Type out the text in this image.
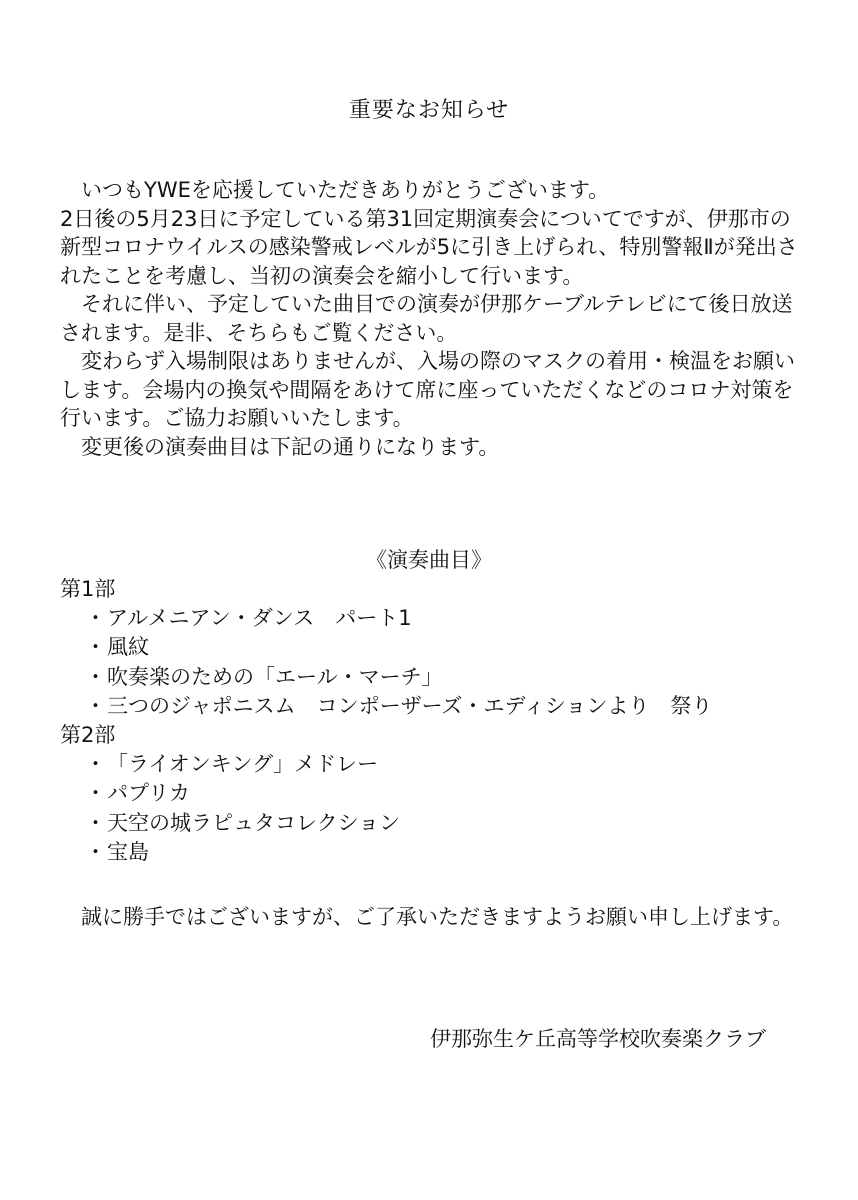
重要なお知らせ

いつもYWEを応援していただきありがとうございます。

2日後の5月23日に予定している第31回定期演奏会についてですが、伊那市の新型コロナウイルスの感染警戒レベルが5に引き上げられ、特別警報Ⅱが発出されたことを考慮し、当初の演奏会を縮小して行います。

それに伴い、予定していた曲目での演奏が伊那ケーブルテレビにて後日放送されます。是非、そちらもご覧ください。

変わらず入場制限はありませんが、入場の際のマスクの着用・検温をお願いします。会場内の換気や間隔をあけて席に座っていただくなどのコロナ対策を行います。ご協力お願いいたします。

変更後の演奏曲目は下記の通りになります。

《演奏曲目》

第1部

・アルメニアン・ダンス　パート1

・風紋

・吹奏楽のための「エール・マーチ」

・三つのジャポニスム　コンポーザーズ・エディションより　祭り

第2部

・「ライオンキング」メドレー

・パプリカ

・天空の城ラピュタコレクション

・宝島

誠に勝手ではございますが、ご了承いただきますようお願い申し上げます。

伊那弥生ケ丘高等学校吹奏楽クラブ
